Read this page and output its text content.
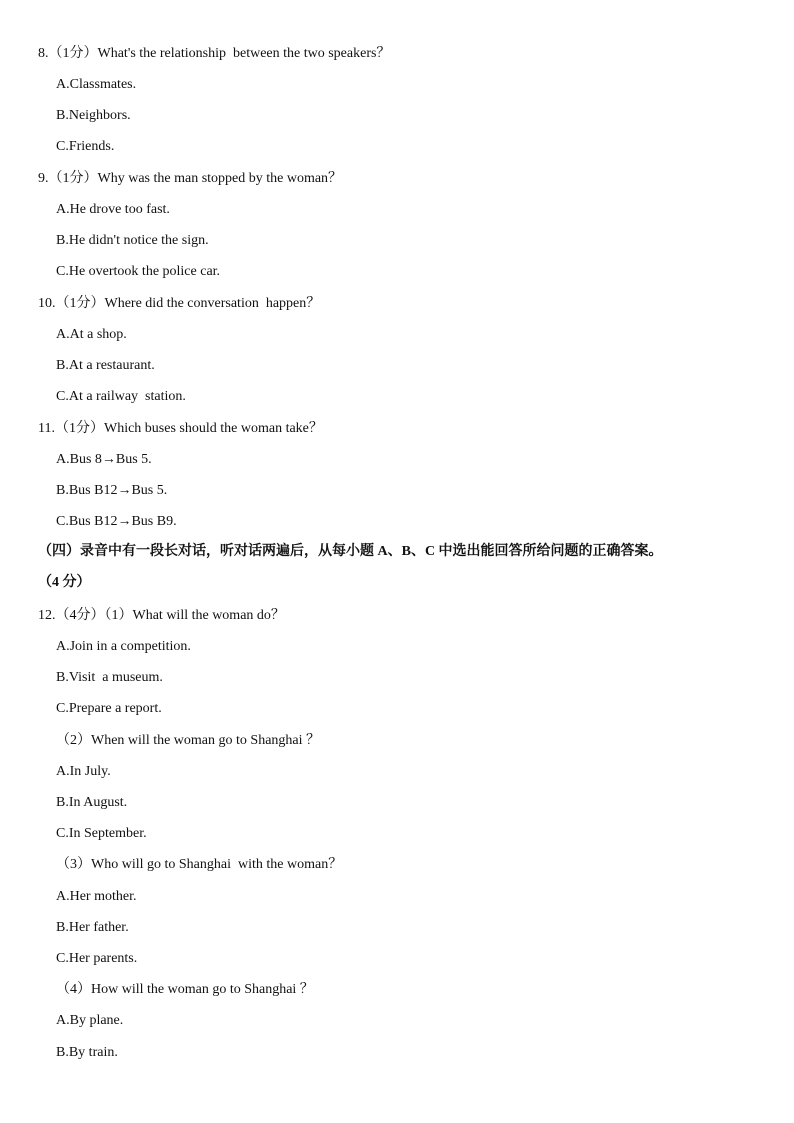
8.（1分）What's the relationship  between the two speakers？
A.Classmates.
B.Neighbors.
C.Friends.
9.（1分）Why was the man stopped by the woman？
A.He drove too fast.
B.He didn't notice the sign.
C.He overtook the police car.
10.（1分）Where did the conversation  happen？
A.At a shop.
B.At a restaurant.
C.At a railway  station.
11.（1分）Which buses should the woman take？
A.Bus 8→Bus 5.
B.Bus B12→Bus 5.
C.Bus B12→Bus B9.
（四）录音中有一段长对话，听对话两遍后，从每小题 A、B、C 中选出能回答所给问题的正确答案。
（4 分）
12.（4分）（1）What will the woman do？
A.Join in a competition.
B.Visit  a museum.
C.Prepare a report.
（2）When will the woman go to Shanghai ？
A.In July.
B.In August.
C.In September.
（3）Who will go to Shanghai  with the woman？
A.Her mother.
B.Her father.
C.Her parents.
（4）How will the woman go to Shanghai ？
A.By plane.
B.By train.
